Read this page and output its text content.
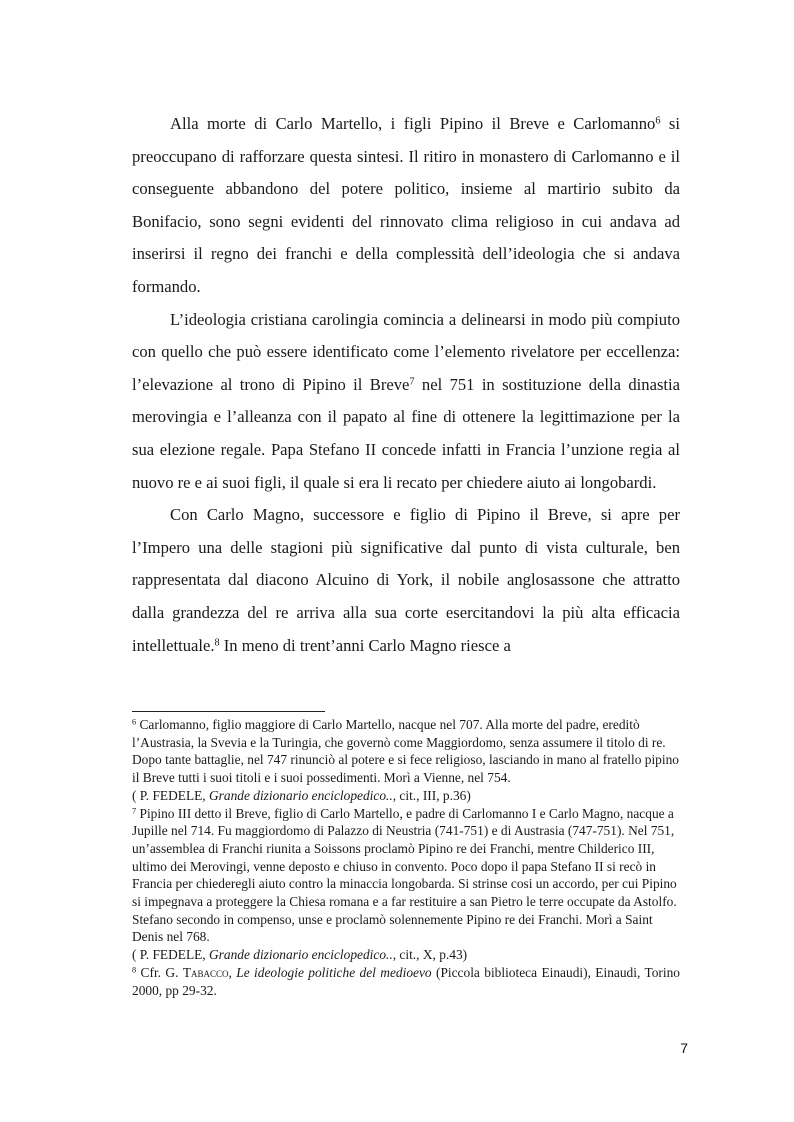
Alla morte di Carlo Martello, i figli Pipino il Breve e Carlomanno$^6$ si preoccupano di rafforzare questa sintesi. Il ritiro in monastero di Carlomanno e il conseguente abbandono del potere politico, insieme al martirio subito da Bonifacio, sono segni evidenti del rinnovato clima religioso in cui andava ad inserirsi il regno dei franchi e della complessità dell’ideologia che si andava formando.

L’ideologia cristiana carolingia comincia a delinearsi in modo più compiuto con quello che può essere identificato come l’elemento rivelatore per eccellenza: l’elevazione al trono di Pipino il Breve$^7$ nel 751 in sostituzione della dinastia merovingia e l’alleanza con il papato al fine di ottenere la legittimazione per la sua elezione regale. Papa Stefano II concede infatti in Francia l’unzione regia al nuovo re e ai suoi figli, il quale si era li recato per chiedere aiuto ai longobardi.

Con Carlo Magno, successore e figlio di Pipino il Breve, si apre per l’Impero una delle stagioni più significative dal punto di vista culturale, ben rappresentata dal diacono Alcuino di York, il nobile anglosassone che attratto dalla grandezza del re arriva alla sua corte esercitandovi la più alta efficacia intellettuale.$^8$ In meno di trent’anni Carlo Magno riesce a

$^6$ Carlomanno, figlio maggiore di Carlo Martello, nacque nel 707. Alla morte del padre, ereditò l’Austrasia, la Svevia e la Turingia, che governò come Maggiordomo, senza assumere il titolo di re. Dopo tante battaglie, nel 747 rinunciò al potere e si fece religioso, lasciando in mano al fratello pipino il Breve tutti i suoi titoli e i suoi possedimenti. Morì a Vienne, nel 754.
( P. FEDELE, Grande dizionario enciclopedico.., cit., III, p.36)

$^7$ Pipino III detto il Breve, figlio di Carlo Martello, e padre di Carlomanno I e Carlo Magno, nacque a Jupille nel 714. Fu maggiordomo di Palazzo di Neustria (741-751) e di Austrasia (747-751). Nel 751, un’assemblea di Franchi riunita a Soissons proclamò Pipino re dei Franchi, mentre Childerico III, ultimo dei Merovingi, venne deposto e chiuso in convento. Poco dopo il papa Stefano II si recò in Francia per chiederegli aiuto contro la minaccia longobarda. Si strinse cosi un accordo, per cui Pipino si impegnava a proteggere la Chiesa romana e a far restituire a san Pietro le terre occupate da Astolfo. Stefano secondo in compenso, unse e proclamò solennemente Pipino re dei Franchi. Morì a Saint Denis nel 768.
( P. FEDELE, Grande dizionario enciclopedico.., cit., X, p.43)

$^8$ Cfr. G. Tabacco, Le ideologie politiche del medioevo (Piccola biblioteca Einaudi), Einaudi, Torino 2000, pp 29-32.

7
